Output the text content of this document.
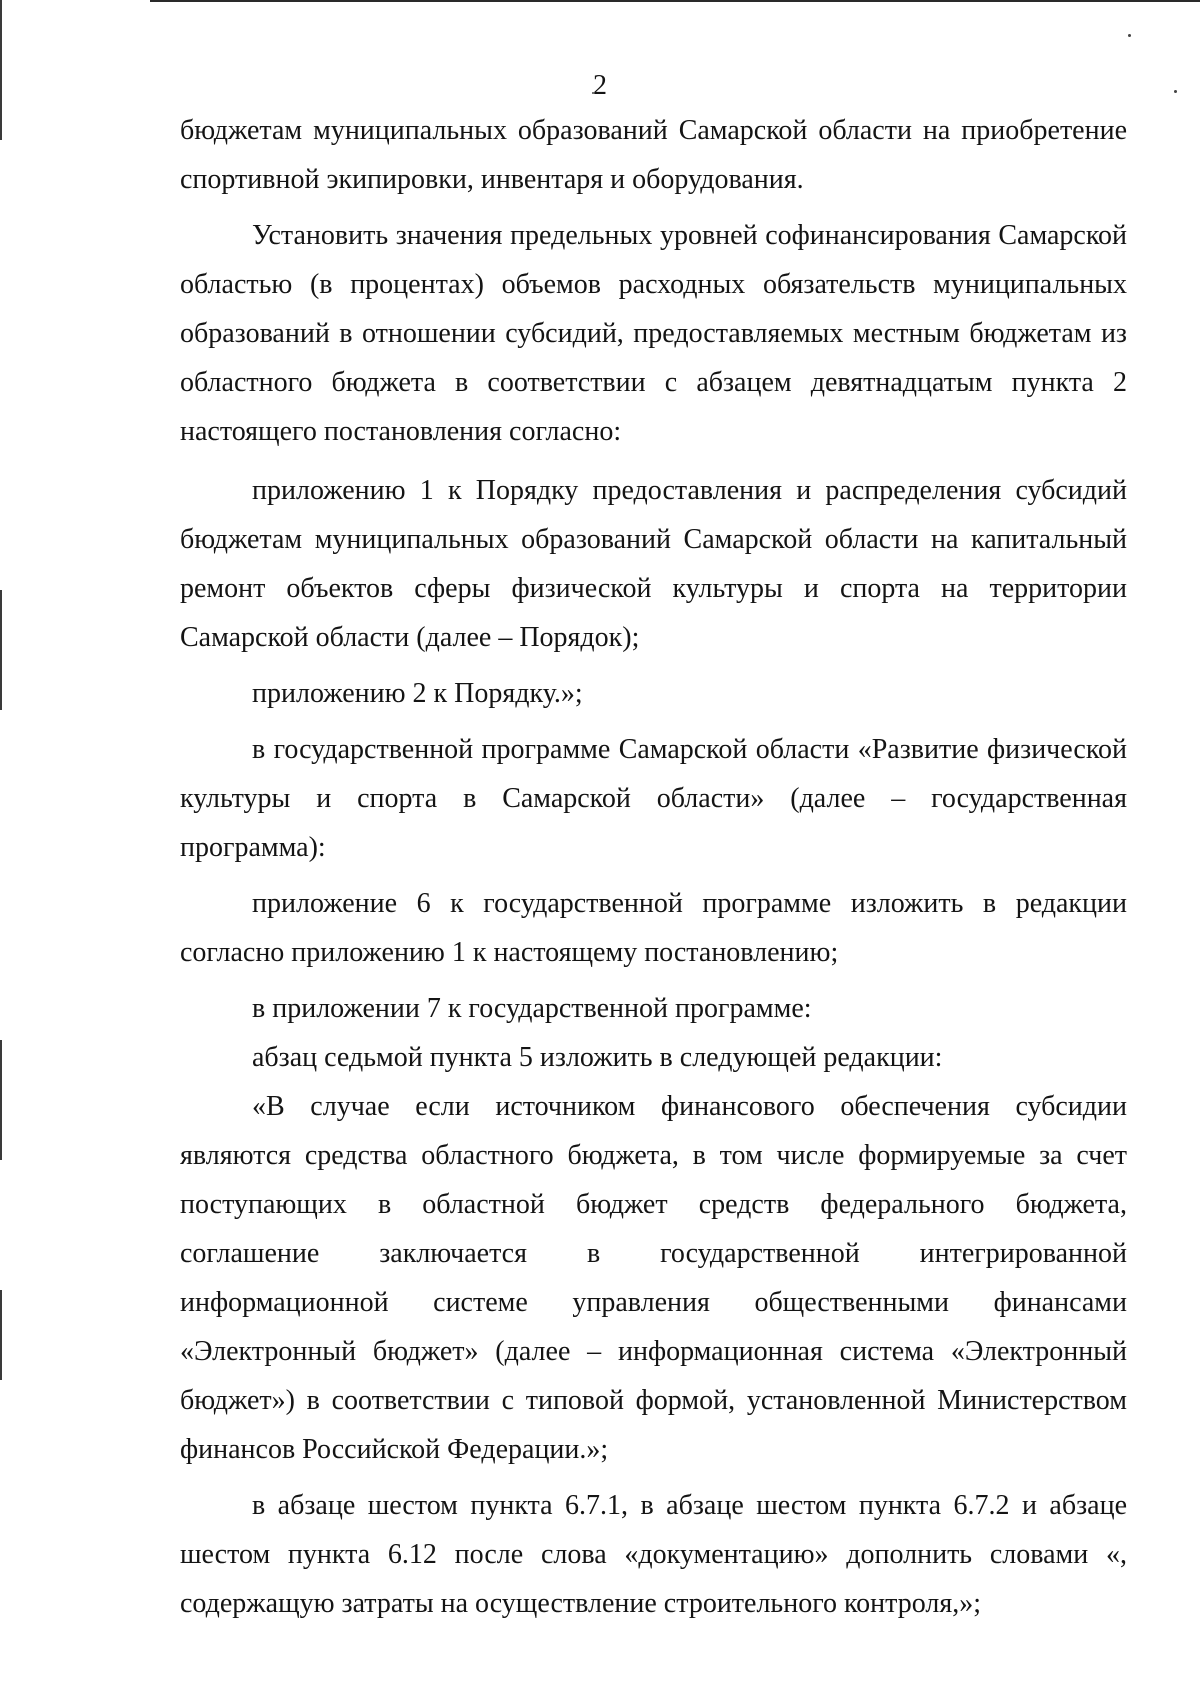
2

бюджетам муниципальных образований Самарской области на приобретение спортивной экипировки, инвентаря и оборудования.

Установить значения предельных уровней софинансирования Самарской областью (в процентах) объемов расходных обязательств муниципальных образований в отношении субсидий, предоставляемых местным бюджетам из областного бюджета в соответствии с абзацем девятнадцатым пункта 2 настоящего постановления согласно:

приложению 1 к Порядку предоставления и распределения субсидий бюджетам муниципальных образований Самарской области на капитальный ремонт объектов сферы физической культуры и спорта на территории Самарской области (далее – Порядок);

приложению 2 к Порядку.»;

в государственной программе Самарской области «Развитие физической культуры и спорта в Самарской области» (далее – государственная программа):

приложение 6 к государственной программе изложить в редакции согласно приложению 1 к настоящему постановлению;

в приложении 7 к государственной программе:

абзац седьмой пункта 5 изложить в следующей редакции:

«В случае если источником финансового обеспечения субсидии являются средства областного бюджета, в том числе формируемые за счет поступающих в областной бюджет средств федерального бюджета, соглашение заключается в государственной интегрированной информационной системе управления общественными финансами «Электронный бюджет» (далее – информационная система «Электронный бюджет») в соответствии с типовой формой, установленной Министерством финансов Российской Федерации.»;

в абзаце шестом пункта 6.7.1, в абзаце шестом пункта 6.7.2 и абзаце шестом пункта 6.12 после слова «документацию» дополнить словами «, содержащую затраты на осуществление строительного контроля,»;
